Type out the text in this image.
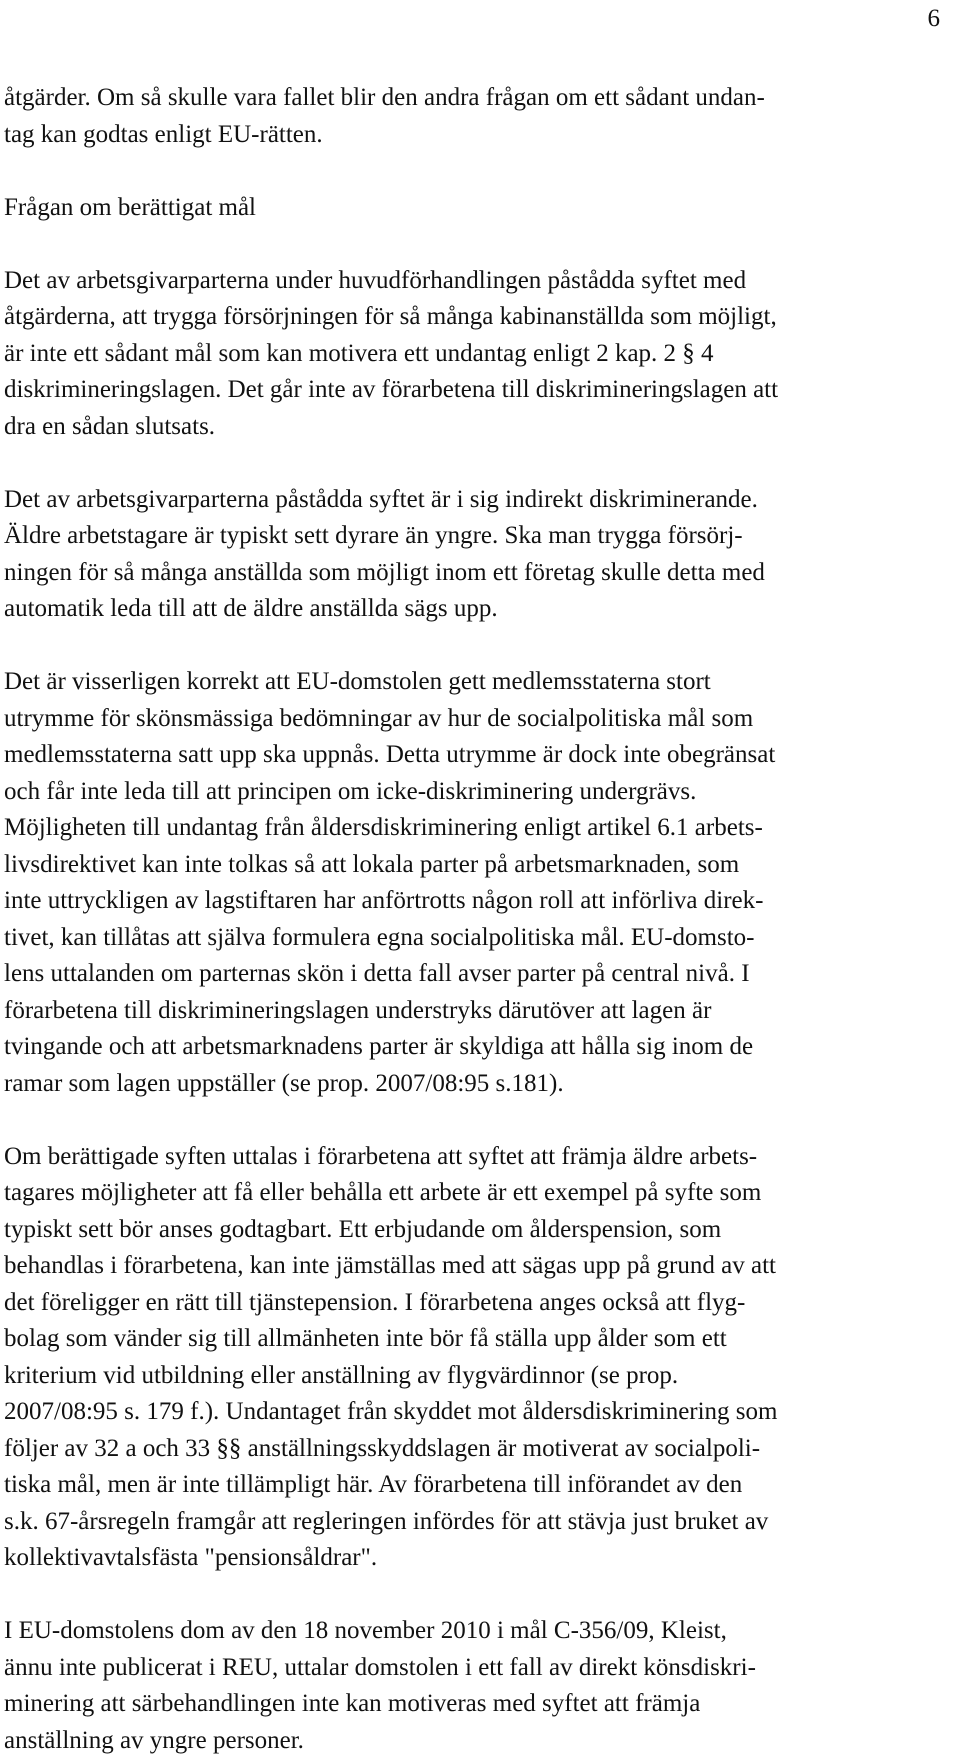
6
åtgärder. Om så skulle vara fallet blir den andra frågan om ett sådant undan-
tag kan godtas enligt EU-rätten.
Frågan om berättigat mål
Det av arbetsgivarparterna under huvudförhandlingen påstådda syftet med
åtgärderna, att trygga försörjningen för så många kabinanställda som möjligt,
är inte ett sådant mål som kan motivera ett undantag enligt 2 kap. 2 § 4
diskrimineringslagen. Det går inte av förarbetena till diskrimineringslagen att
dra en sådan slutsats.
Det av arbetsgivarparterna påstådda syftet är i sig indirekt diskriminerande.
Äldre arbetstagare är typiskt sett dyrare än yngre. Ska man trygga försörj-
ningen för så många anställda som möjligt inom ett företag skulle detta med
automatik leda till att de äldre anställda sägs upp.
Det är visserligen korrekt att EU-domstolen gett medlemsstaterna stort
utrymme för skönsmässiga bedömningar av hur de socialpolitiska mål som
medlemsstaterna satt upp ska uppnås. Detta utrymme är dock inte obegränsat
och får inte leda till att principen om icke-diskriminering undergrävs.
Möjligheten till undantag från åldersdiskriminering enligt artikel 6.1 arbets-
livsdirektivet kan inte tolkas så att lokala parter på arbetsmarknaden, som
inte uttryckligen av lagstiftaren har anförtrotts någon roll att införliva direk-
tivet, kan tillåtas att själva formulera egna socialpolitiska mål. EU-domsto-
lens uttalanden om parternas skön i detta fall avser parter på central nivå. I
förarbetena till diskrimineringslagen understryks därutöver att lagen är
tvingande och att arbetsmarknadens parter är skyldiga att hålla sig inom de
ramar som lagen uppställer (se prop. 2007/08:95 s.181).
Om berättigade syften uttalas i förarbetena att syftet att främja äldre arbets-
tagares möjligheter att få eller behålla ett arbete är ett exempel på syfte som
typiskt sett bör anses godtagbart. Ett erbjudande om ålderspension, som
behandlas i förarbetena, kan inte jämställas med att sägas upp på grund av att
det föreligger en rätt till tjänstepension. I förarbetena anges också att flyg-
bolag som vänder sig till allmänheten inte bör få ställa upp ålder som ett
kriterium vid utbildning eller anställning av flygvärdinnor (se prop.
2007/08:95 s. 179 f.). Undantaget från skyddet mot åldersdiskriminering som
följer av 32 a och 33 §§ anställningsskyddslagen är motiverat av socialpoli-
tiska mål, men är inte tillämpligt här. Av förarbetena till införandet av den
s.k. 67-årsregeln framgår att regleringen infördes för att stävja just bruket av
kollektivavtalsfästa "pensionsåldrar".
I EU-domstolens dom av den 18 november 2010 i mål C-356/09, Kleist,
ännu inte publicerat i REU, uttalar domstolen i ett fall av direkt könsdiskri-
minering att särbehandlingen inte kan motiveras med syftet att främja
anställning av yngre personer.
